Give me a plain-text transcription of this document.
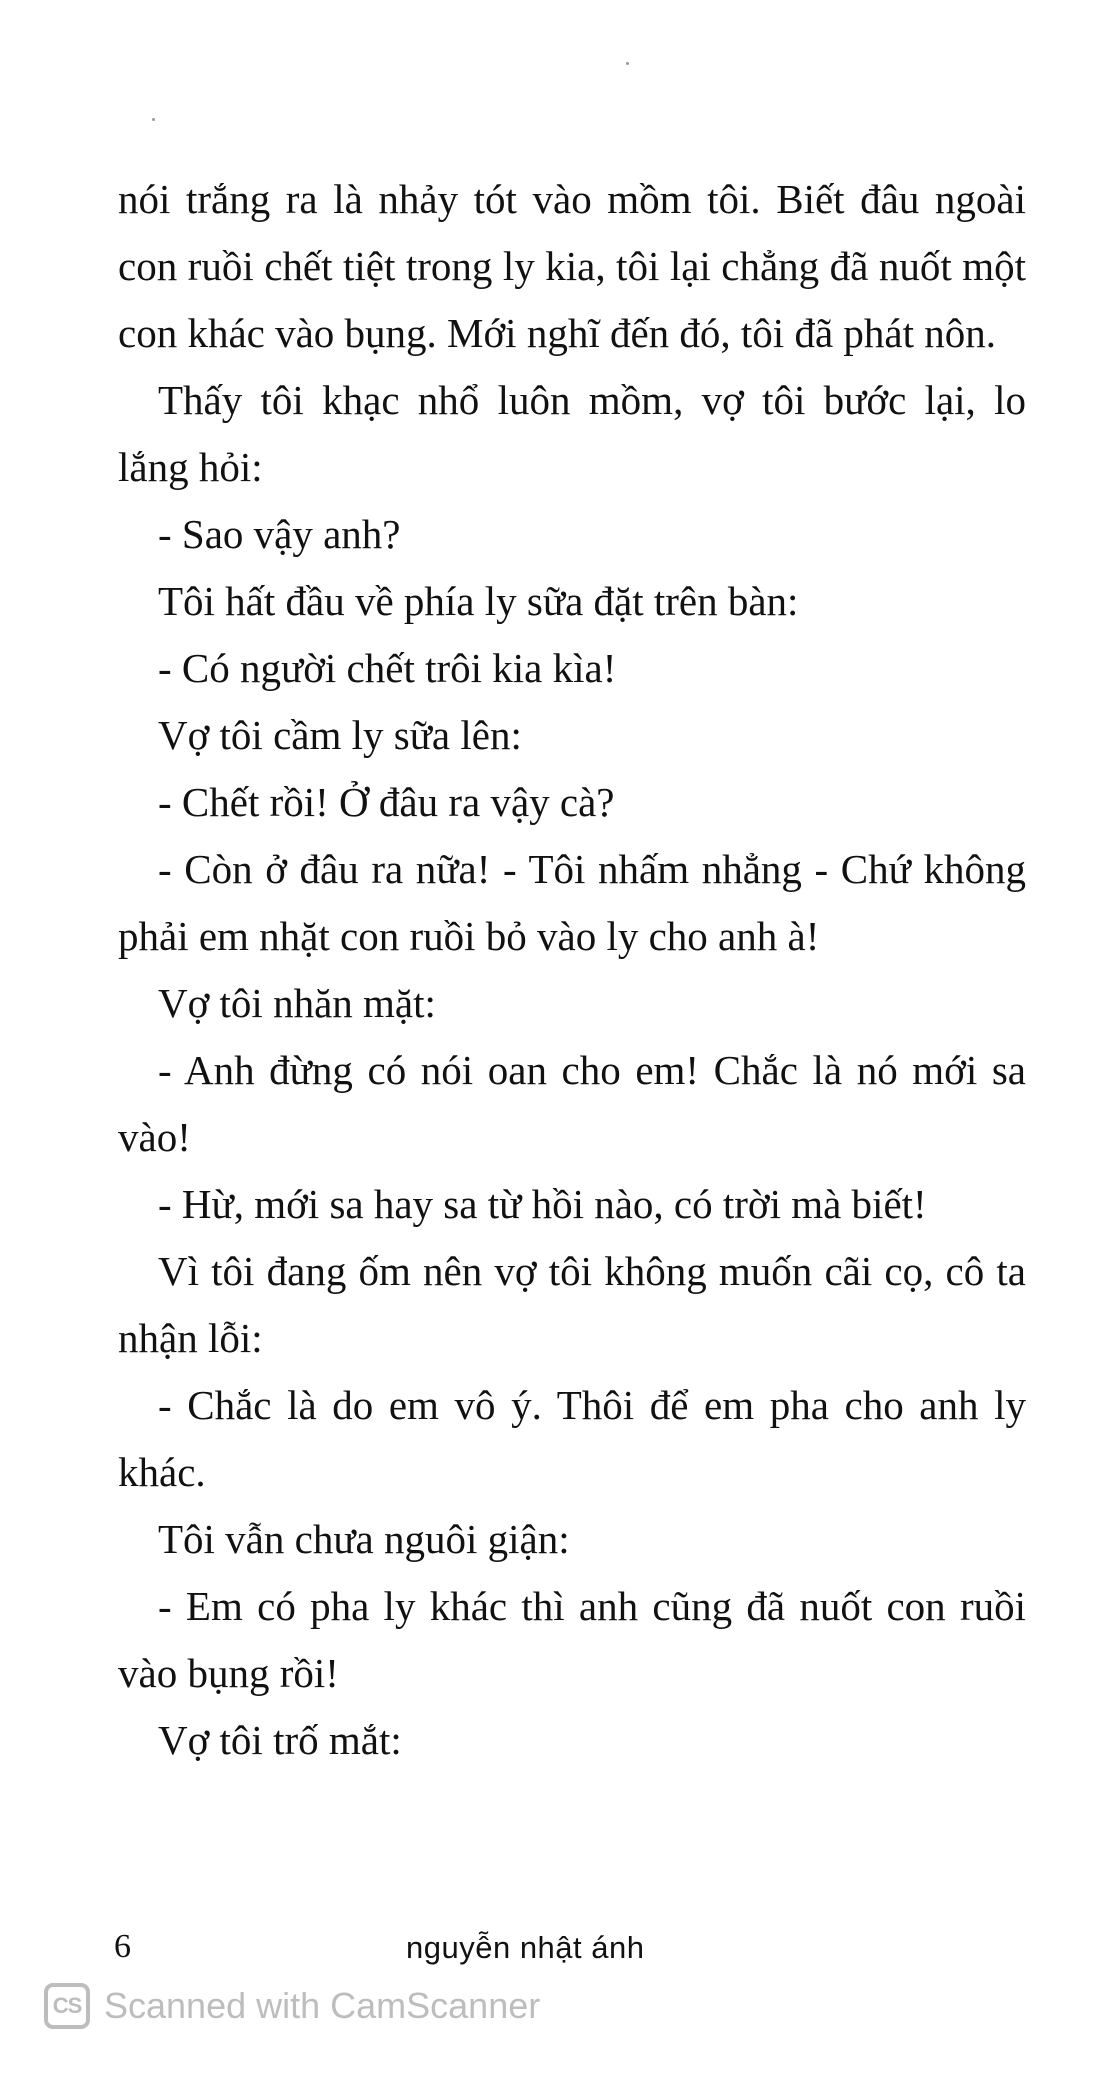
nói trắng ra là nhảy tót vào mồm tôi. Biết đâu ngoài con ruồi chết tiệt trong ly kia, tôi lại chẳng đã nuốt một con khác vào bụng. Mới nghĩ đến đó, tôi đã phát nôn.

Thấy tôi khạc nhổ luôn mồm, vợ tôi bước lại, lo lắng hỏi:

- Sao vậy anh?

Tôi hất đầu về phía ly sữa đặt trên bàn:

- Có người chết trôi kia kìa!

Vợ tôi cầm ly sữa lên:

- Chết rồi! Ở đâu ra vậy cà?

- Còn ở đâu ra nữa! - Tôi nhấm nhẳng - Chứ không phải em nhặt con ruồi bỏ vào ly cho anh à!

Vợ tôi nhăn mặt:

- Anh đừng có nói oan cho em! Chắc là nó mới sa vào!

- Hừ, mới sa hay sa từ hồi nào, có trời mà biết!

Vì tôi đang ốm nên vợ tôi không muốn cãi cọ, cô ta nhận lỗi:

- Chắc là do em vô ý. Thôi để em pha cho anh ly khác.

Tôi vẫn chưa nguôi giận:

- Em có pha ly khác thì anh cũng đã nuốt con ruồi vào bụng rồi!

Vợ tôi trố mắt:

6	nguyễn nhật ánh
CS Scanned with CamScanner
